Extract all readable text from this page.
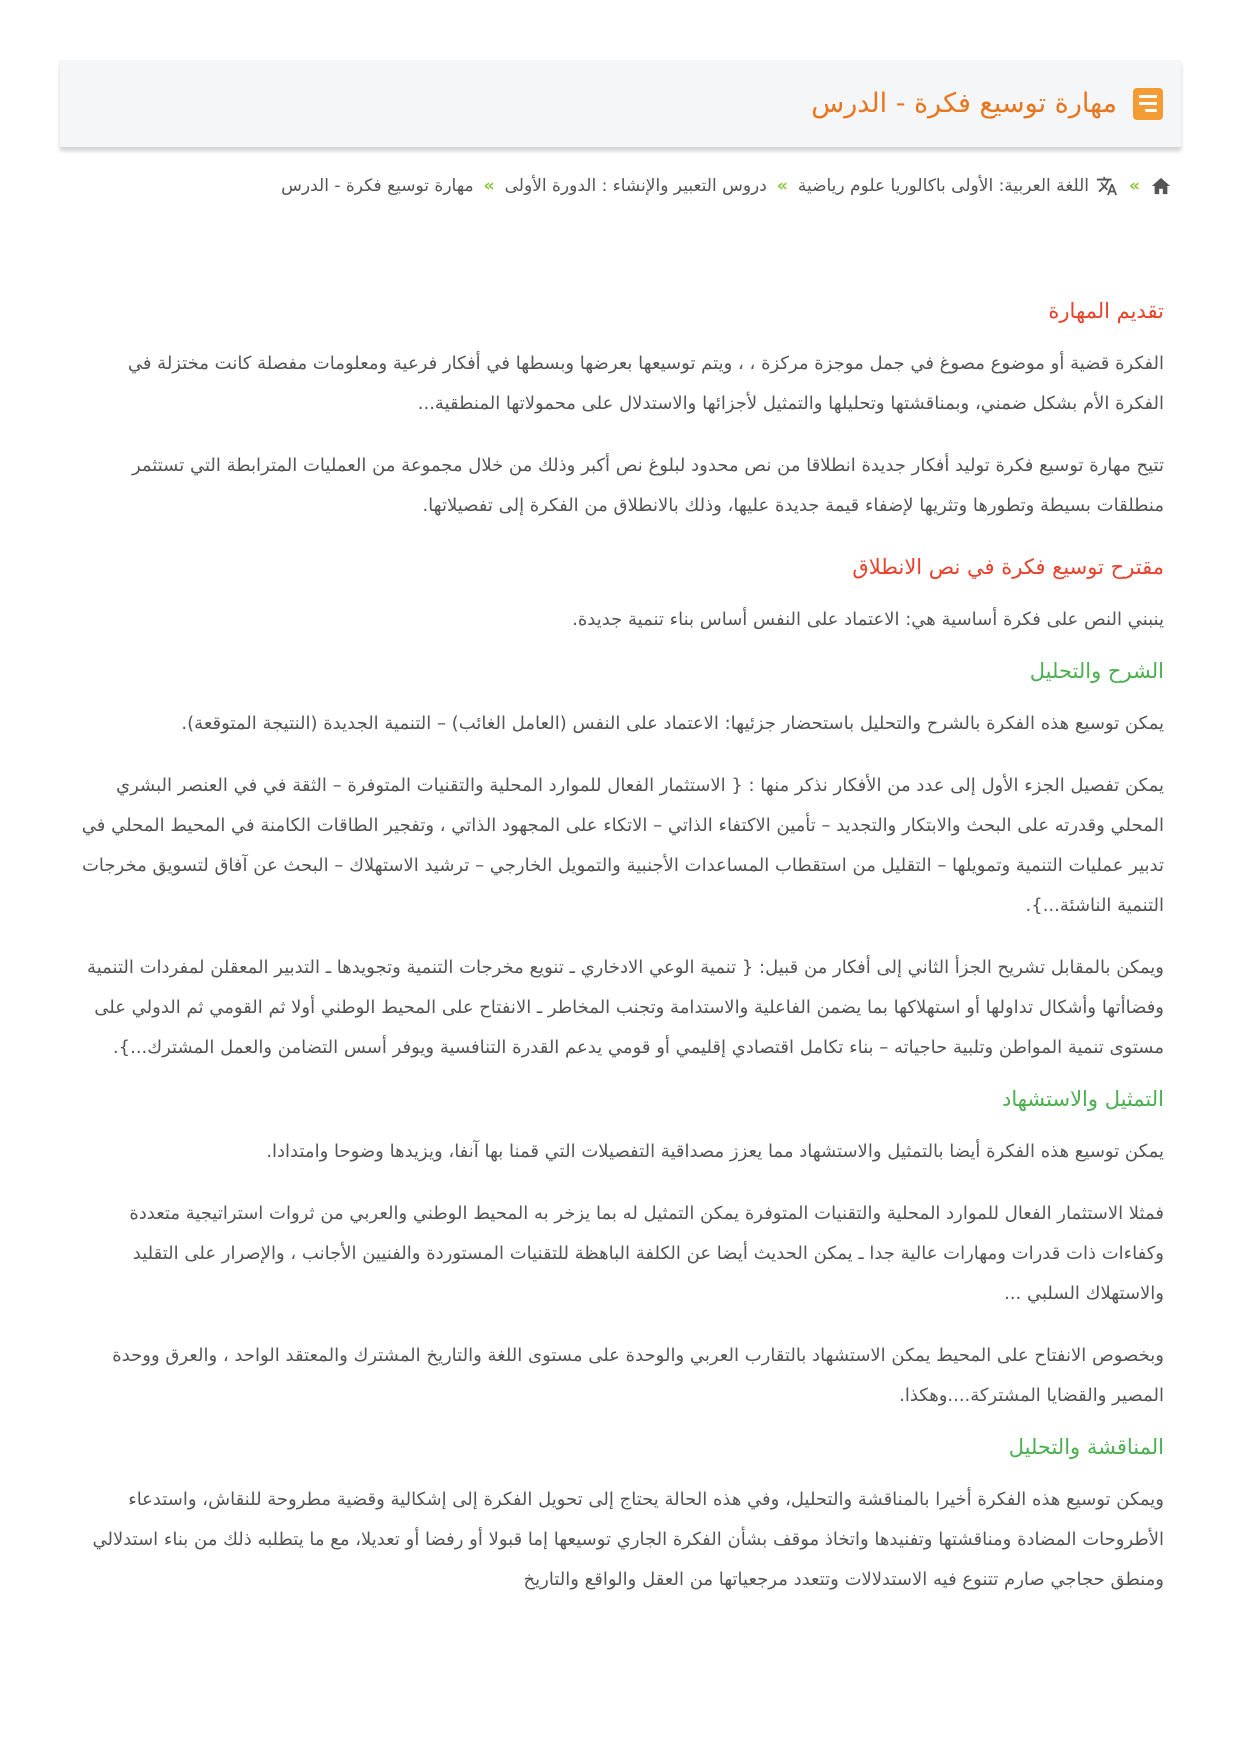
مهارة توسيع فكرة - الدرس
»
اللغة العربية: الأولى باكالوريا علوم رياضية
»
دروس التعبير والإنشاء : الدورة الأولى
»
مهارة توسيع فكرة - الدرس
تقديم المهارة

الفكرة قضية أو موضوع مصوغ في جمل موجزة مركزة ، ، ويتم توسيعها بعرضها وبسطها في أفكار فرعية ومعلومات مفصلة كانت مختزلة في الفكرة الأم بشكل ضمني، وبمناقشتها وتحليلها والتمثيل لأجزائها والاستدلال على محمولاتها المنطقية...

تتيح مهارة توسيع فكرة توليد أفكار جديدة انطلاقا من نص محدود لبلوغ نص أكبر وذلك من خلال مجموعة من العمليات المترابطة التي تستثمر منطلقات بسيطة وتطورها وتثريها لإضفاء قيمة جديدة عليها، وذلك بالانطلاق من الفكرة إلى تفصيلاتها.

مقترح توسيع فكرة في نص الانطلاق

ينبني النص على فكرة أساسية هي: الاعتماد على النفس أساس بناء تنمية جديدة.

الشرح والتحليل

يمكن توسيع هذه الفكرة بالشرح والتحليل باستحضار جزئيها: الاعتماد على النفس (العامل الغائب) – التنمية الجديدة (النتيجة المتوقعة).

يمكن تفصيل الجزء الأول إلى عدد من الأفكار نذكر منها : { الاستثمار الفعال للموارد المحلية والتقنيات المتوفرة – الثقة في في العنصر البشري المحلي وقدرته على البحث والابتكار والتجديد – تأمين الاكتفاء الذاتي – الاتكاء على المجهود الذاتي ، وتفجير الطاقات الكامنة في المحيط المحلي في تدبير عمليات التنمية وتمويلها – التقليل من استقطاب المساعدات الأجنبية والتمويل الخارجي – ترشيد الاستهلاك – البحث عن آفاق لتسويق مخرجات التنمية الناشئة...}.

ويمكن بالمقابل تشريح الجزأ الثاني إلى أفكار من قبيل: { تنمية الوعي الادخاري ـ تنويع مخرجات التنمية وتجويدها ـ التدبير المعقلن لمفردات التنمية وفضاأتها وأشكال تداولها أو استهلاكها بما يضمن الفاعلية والاستدامة وتجنب المخاطر ـ الانفتاح على المحيط الوطني أولا ثم القومي ثم الدولي على مستوى تنمية المواطن وتلبية حاجياته – بناء تكامل اقتصادي إقليمي أو قومي يدعم القدرة التنافسية ويوفر أسس التضامن والعمل المشترك...}.

التمثيل والاستشهاد

يمكن توسيع هذه الفكرة أيضا بالتمثيل والاستشهاد مما يعزز مصداقية التفصيلات التي قمنا بها آنفا، ويزيدها وضوحا وامتدادا.

فمثلا الاستثمار الفعال للموارد المحلية والتقنيات المتوفرة يمكن التمثيل له بما يزخر به المحيط الوطني والعربي من ثروات استراتيجية متعددة وكفاءات ذات قدرات ومهارات عالية جدا ـ يمكن الحديث أيضا عن الكلفة الباهظة للتقنيات المستوردة والفنيين الأجانب ، والإصرار على التقليد والاستهلاك السلبي ...

وبخصوص الانفتاح على المحيط يمكن الاستشهاد بالتقارب العربي والوحدة على مستوى اللغة والتاريخ المشترك والمعتقد الواحد ، والعرق ووحدة المصير والقضايا المشتركة....وهكذا.

المناقشة والتحليل

ويمكن توسيع هذه الفكرة أخيرا بالمناقشة والتحليل، وفي هذه الحالة يحتاج إلى تحويل الفكرة إلى إشكالية وقضية مطروحة للنقاش، واستدعاء الأطروحات المضادة ومناقشتها وتفنيدها واتخاذ موقف بشأن الفكرة الجاري توسيعها إما قبولا أو رفضا أو تعديلا، مع ما يتطلبه ذلك من بناء استدلالي ومنطق حجاجي صارم تتنوع فيه الاستدلالات وتتعدد مرجعياتها من العقل والواقع والتاريخ
